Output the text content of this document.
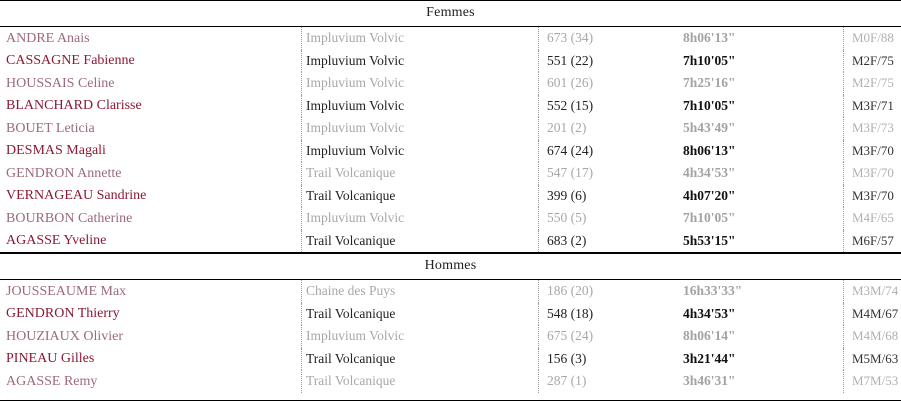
Femmes
ANDRE Anais	Impluvium Volvic	673 (34)	8h06'13"	M0F/88
CASSAGNE Fabienne	Impluvium Volvic	551 (22)	7h10'05"	M2F/75
HOUSSAIS Celine	Impluvium Volvic	601 (26)	7h25'16"	M2F/75
BLANCHARD Clarisse	Impluvium Volvic	552 (15)	7h10'05"	M3F/71
BOUET Leticia	Impluvium Volvic	201 (2)	5h43'49"	M3F/73
DESMAS Magali	Impluvium Volvic	674 (24)	8h06'13"	M3F/70
GENDRON Annette	Trail Volcanique	547 (17)	4h34'53"	M3F/70
VERNAGEAU Sandrine	Trail Volcanique	399 (6)	4h07'20"	M3F/70
BOURBON Catherine	Impluvium Volvic	550 (5)	7h10'05"	M4F/65
AGASSE Yveline	Trail Volcanique	683 (2)	5h53'15"	M6F/57
Hommes
JOUSSEAUME Max	Chaine des Puys	186 (20)	16h33'33"	M3M/74
GENDRON Thierry	Trail Volcanique	548 (18)	4h34'53"	M4M/67
HOUZIAUX Olivier	Impluvium Volvic	675 (24)	8h06'14"	M4M/68
PINEAU Gilles	Trail Volcanique	156 (3)	3h21'44"	M5M/63
AGASSE Remy	Trail Volcanique	287 (1)	3h46'31"	M7M/53
